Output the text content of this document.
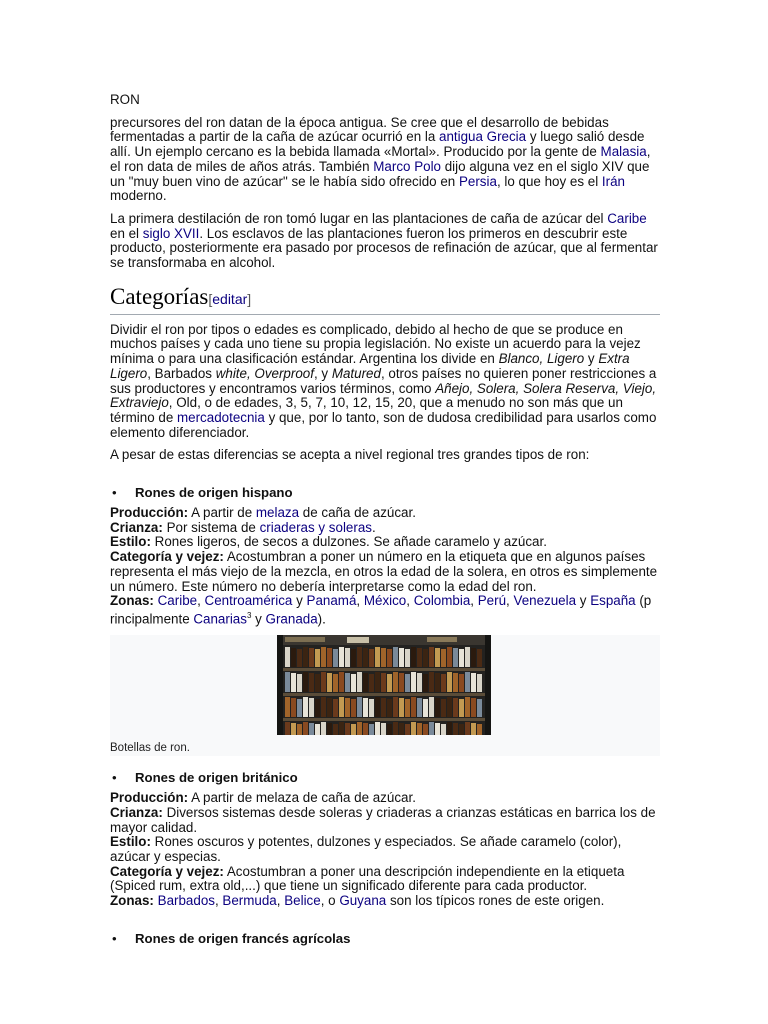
RON

precursores del ron datan de la época antigua. Se cree que el desarrollo de bebidas fermentadas a partir de la caña de azúcar ocurrió en la antigua Grecia y luego salió desde allí. Un ejemplo cercano es la bebida llamada «Mortal». Producido por la gente de Malasia, el ron data de miles de años atrás. También Marco Polo dijo alguna vez en el siglo XIV que un "muy buen vino de azúcar" se le había sido ofrecido en Persia, lo que hoy es el Irán moderno.

La primera destilación de ron tomó lugar en las plantaciones de caña de azúcar del Caribe en el siglo XVII. Los esclavos de las plantaciones fueron los primeros en descubrir este producto, posteriormente era pasado por procesos de refinación de azúcar, que al fermentar se transformaba en alcohol.

Categorías[editar]

Dividir el ron por tipos o edades es complicado, debido al hecho de que se produce en muchos países y cada uno tiene su propia legislación. No existe un acuerdo para la vejez mínima o para una clasificación estándar. Argentina los divide en Blanco, Ligero y Extra Ligero, Barbados white, Overproof, y Matured, otros países no quieren poner restricciones a sus productores y encontramos varios términos, como Añejo, Solera, Solera Reserva, Viejo, Extraviejo, Old, o de edades, 3, 5, 7, 10, 12, 15, 20, que a menudo no son más que un término de mercadotecnia y que, por lo tanto, son de dudosa credibilidad para usarlos como elemento diferenciador.

A pesar de estas diferencias se acepta a nivel regional tres grandes tipos de ron:

• Rones de origen hispano

Producción: A partir de melaza de caña de azúcar.
Crianza: Por sistema de criaderas y soleras.
Estilo: Rones ligeros, de secos a dulzones. Se añade caramelo y azúcar.
Categoría y vejez: Acostumbran a poner un número en la etiqueta que en algunos países representa el más viejo de la mezcla, en otros la edad de la solera, en otros es simplemente un número. Este número no debería interpretarse como la edad del ron.
Zonas: Caribe, Centroamérica y Panamá, México, Colombia, Perú, Venezuela y España (p rincipalmente Canarias$^3$ y Granada).

Botellas de ron.
• Rones de origen británico

Producción: A partir de melaza de caña de azúcar.
Crianza: Diversos sistemas desde soleras y criaderas a crianzas estáticas en barrica los de mayor calidad.
Estilo: Rones oscuros y potentes, dulzones y especiados. Se añade caramelo (color), azúcar y especias.
Categoría y vejez: Acostumbran a poner una descripción independiente en la etiqueta (Spiced rum, extra old,...) que tiene un significado diferente para cada productor.
Zonas: Barbados, Bermuda, Belice, o Guyana son los típicos rones de este origen.

• Rones de origen francés agrícolas
